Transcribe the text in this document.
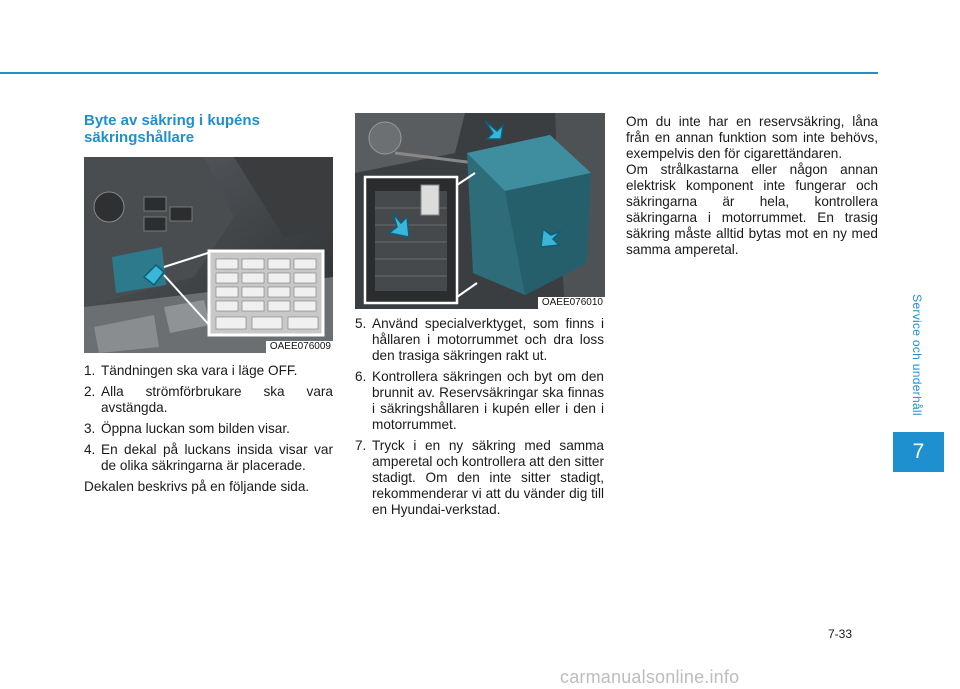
Byte av säkring i kupéns säkringshållare
OAEE076009
OAEE076010
1. Tändningen ska vara i läge OFF.
2. Alla strömförbrukare ska vara avstängda.
3. Öppna luckan som bilden visar.
4. En dekal på luckans insida visar var de olika säkringarna är placerade.

Dekalen beskrivs på en följande sida.

5. Använd specialverktyget, som finns i hållaren i motorrummet och dra loss den trasiga säkringen rakt ut.
6. Kontrollera säkringen och byt om den brunnit av. Reservsäkringar ska finnas i säkringshållaren i kupén eller i den i motorrummet.
7. Tryck i en ny säkring med samma amperetal och kontrollera att den sitter stadigt. Om den inte sitter stadigt, rekommenderar vi att du vänder dig till en Hyundai-verkstad.

Om du inte har en reservsäkring, låna från en annan funktion som inte behövs, exempelvis den för cigarettändaren.

Om strålkastarna eller någon annan elektrisk komponent inte fungerar och säkringarna är hela, kontrollera säkringarna i motorrummet. En trasig säkring måste alltid bytas mot en ny med samma amperetal.

Service och underhåll
7
7-33
carmanualsonline.info
